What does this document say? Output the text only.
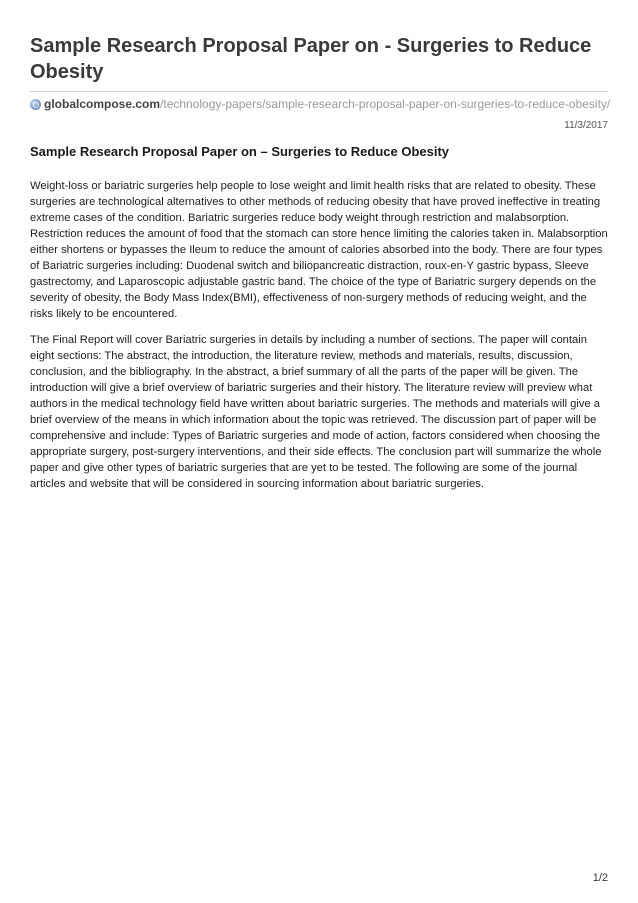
Sample Research Proposal Paper on - Surgeries to Reduce Obesity
globalcompose.com /technology-papers/sample-research-proposal-paper-on-surgeries-to-reduce-obesity/
11/3/2017
Sample Research Proposal Paper on – Surgeries to Reduce Obesity

Weight-loss or bariatric surgeries help people to lose weight and limit health risks that are related to obesity. These surgeries are technological alternatives to other methods of reducing obesity that have proved ineffective in treating extreme cases of the condition. Bariatric surgeries reduce body weight through restriction and malabsorption. Restriction reduces the amount of food that the stomach can store hence limiting the calories taken in. Malabsorption either shortens or bypasses the Ileum to reduce the amount of calories absorbed into the body. There are four types of Bariatric surgeries including: Duodenal switch and biliopancreatic distraction, roux-en-Y gastric bypass, Sleeve gastrectomy, and Laparoscopic adjustable gastric band. The choice of the type of Bariatric surgery depends on the severity of obesity, the Body Mass Index(BMI), effectiveness of non-surgery methods of reducing weight, and the risks likely to be encountered.

The Final Report will cover Bariatric surgeries in details by including a number of sections. The paper will contain eight sections: The abstract, the introduction, the literature review, methods and materials, results, discussion, conclusion, and the bibliography. In the abstract, a brief summary of all the parts of the paper will be given. The introduction will give a brief overview of bariatric surgeries and their history. The literature review will preview what authors in the medical technology field have written about bariatric surgeries. The methods and materials will give a brief overview of the means in which information about the topic was retrieved. The discussion part of paper will be comprehensive and include: Types of Bariatric surgeries and mode of action, factors considered when choosing the appropriate surgery, post-surgery interventions, and their side effects. The conclusion part will summarize the whole paper and give other types of bariatric surgeries that are yet to be tested. The following are some of the journal articles and website that will be considered in sourcing information about bariatric surgeries.

1/2
